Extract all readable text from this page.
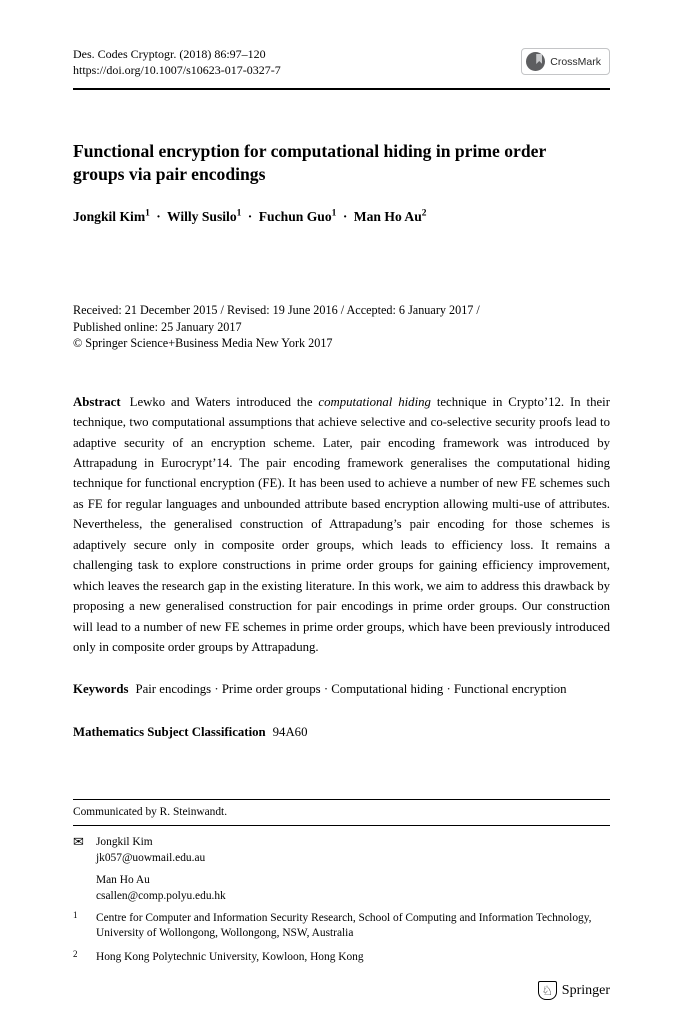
Des. Codes Cryptogr. (2018) 86:97–120
https://doi.org/10.1007/s10623-017-0327-7
CrossMark
Functional encryption for computational hiding in prime order groups via pair encodings
Jongkil Kim$^1$ · Willy Susilo$^1$ · Fuchun Guo$^1$ · Man Ho Au$^2$
Received: 21 December 2015 / Revised: 19 June 2016 / Accepted: 6 January 2017 /
Published online: 25 January 2017
© Springer Science+Business Media New York 2017

Abstract Lewko and Waters introduced the computational hiding technique in Crypto’12. In their technique, two computational assumptions that achieve selective and co-selective security proofs lead to adaptive security of an encryption scheme. Later, pair encoding framework was introduced by Attrapadung in Eurocrypt’14. The pair encoding framework generalises the computational hiding technique for functional encryption (FE). It has been used to achieve a number of new FE schemes such as FE for regular languages and unbounded attribute based encryption allowing multi-use of attributes. Nevertheless, the generalised construction of Attrapadung’s pair encoding for those schemes is adaptively secure only in composite order groups, which leads to efficiency loss. It remains a challenging task to explore constructions in prime order groups for gaining efficiency improvement, which leaves the research gap in the existing literature. In this work, we aim to address this drawback by proposing a new generalised construction for pair encodings in prime order groups. Our construction will lead to a number of new FE schemes in prime order groups, which have been previously introduced only in composite order groups by Attrapadung.

Keywords Pair encodings · Prime order groups · Computational hiding · Functional encryption

Mathematics Subject Classification 94A60

Communicated by R. Steinwandt.
✉	Jongkil Kim
jk057@uowmail.edu.au
Man Ho Au
csallen@comp.polyu.edu.hk
1	Centre for Computer and Information Security Research, School of Computing and Information Technology, University of Wollongong, Wollongong, NSW, Australia
2	Hong Kong Polytechnic University, Kowloon, Hong Kong
♘ Springer
